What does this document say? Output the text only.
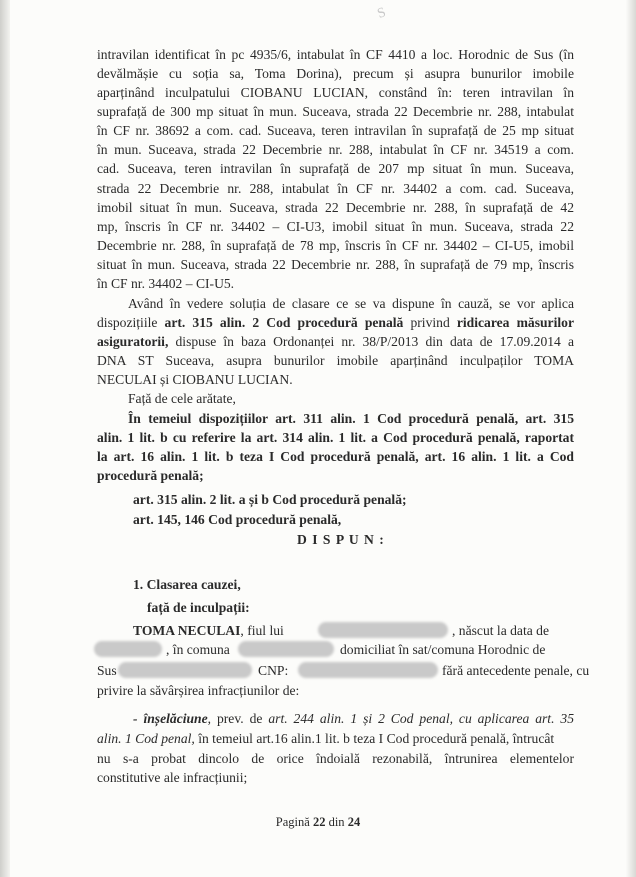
S
intravilan identificat în pc 4935/6, intabulat în CF 4410 a loc. Horodnic de Sus (în
devălmășie cu soția sa, Toma Dorina), precum și asupra bunurilor imobile
aparținând inculpatului CIOBANU LUCIAN, constând în: teren intravilan în
suprafață de 300 mp situat în mun. Suceava, strada 22 Decembrie nr. 288, intabulat
în CF nr. 38692 a com. cad. Suceava, teren intravilan în suprafață de 25 mp situat
în mun. Suceava, strada 22 Decembrie nr. 288, intabulat în CF nr. 34519 a com.
cad. Suceava, teren intravilan în suprafață de 207 mp situat în mun. Suceava,
strada 22 Decembrie nr. 288, intabulat în CF nr. 34402 a com. cad. Suceava,
imobil situat în mun. Suceava, strada 22 Decembrie nr. 288, în suprafață de 42
mp, înscris în CF nr. 34402 – CI-U3, imobil situat în mun. Suceava, strada 22
Decembrie nr. 288, în suprafață de 78 mp, înscris în CF nr. 34402 – CI-U5, imobil
situat în mun. Suceava, strada 22 Decembrie nr. 288, în suprafață de 79 mp, înscris
în CF nr. 34402 – CI-U5.
Având în vedere soluția de clasare ce se va dispune în cauză, se vor aplica
dispozițiile art. 315 alin. 2 Cod procedură penală privind ridicarea măsurilor
asiguratorii, dispuse în baza Ordonanței nr. 38/P/2013 din data de 17.09.2014 a
DNA ST Suceava, asupra bunurilor imobile aparținând inculpaților TOMA
NECULAI și CIOBANU LUCIAN.
Față de cele arătate,
În temeiul dispozițiilor art. 311 alin. 1 Cod procedură penală, art. 315
alin. 1 lit. b cu referire la art. 314 alin. 1 lit. a Cod procedură penală, raportat
la art. 16 alin. 1 lit. b teza I Cod procedură penală, art. 16 alin. 1 lit. a Cod
procedură penală;
art. 315 alin. 2 lit. a și b Cod procedură penală;
art. 145, 146 Cod procedură penală,
D I S P U N :
1. Clasarea cauzei,
față de inculpații:
TOMA NECULAI, fiul lui	, născut la data de
, în comuna	domiciliat în sat/comuna Horodnic de
Sus	CNP:	fără antecedente penale, cu
privire la săvârșirea infracțiunilor de:
- înșelăciune, prev. de art. 244 alin. 1 și 2 Cod penal, cu aplicarea art. 35
alin. 1 Cod penal, în temeiul art.16 alin.1 lit. b teza I Cod procedură penală, întrucât
nu s-a probat dincolo de orice îndoială rezonabilă, întrunirea elementelor
constitutive ale infracțiunii;
Pagină 22 din 24
